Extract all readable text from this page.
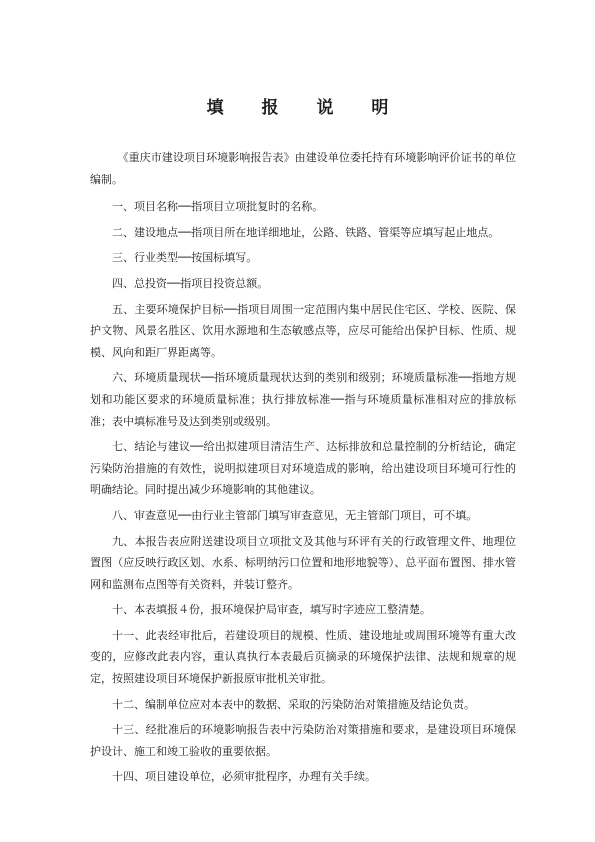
填 报 说 明

《重庆市建设项目环境影响报告表》由建设单位委托持有环境影响评价证书的单位编制。

一、项目名称──指项目立项批复时的名称。

二、建设地点──指项目所在地详细地址，公路、铁路、管渠等应填写起止地点。

三、行业类型──按国标填写。

四、总投资──指项目投资总额。

五、主要环境保护目标──指项目周围一定范围内集中居民住宅区、学校、医院、保护文物、风景名胜区、饮用水源地和生态敏感点等，应尽可能给出保护目标、性质、规模、风向和距厂界距离等。

六、环境质量现状──指环境质量现状达到的类别和级别；环境质量标准──指地方规划和功能区要求的环境质量标准；执行排放标准──指与环境质量标准相对应的排放标准；表中填标准号及达到类别或级别。

七、结论与建议──给出拟建项目清洁生产、达标排放和总量控制的分析结论，确定污染防治措施的有效性，说明拟建项目对环境造成的影响，给出建设项目环境可行性的明确结论。同时提出减少环境影响的其他建议。

八、审查意见──由行业主管部门填写审查意见，无主管部门项目，可不填。

九、本报告表应附送建设项目立项批文及其他与环评有关的行政管理文件、地理位置图（应反映行政区划、水系、标明纳污口位置和地形地貌等）、总平面布置图、排水管网和监测布点图等有关资料，并装订整齐。

十、本表填报４份，报环境保护局审查，填写时字迹应工整清楚。

十一、此表经审批后，若建设项目的规模、性质、建设地址或周围环境等有重大改变的，应修改此表内容，重认真执行本表最后页摘录的环境保护法律、法规和规章的规定，按照建设项目环境保护新报原审批机关审批。

十二、编制单位应对本表中的数据、采取的污染防治对策措施及结论负责。

十三、经批准后的环境影响报告表中污染防治对策措施和要求，是建设项目环境保护设计、施工和竣工验收的重要依据。

十四、项目建设单位，必须审批程序，办理有关手续。
